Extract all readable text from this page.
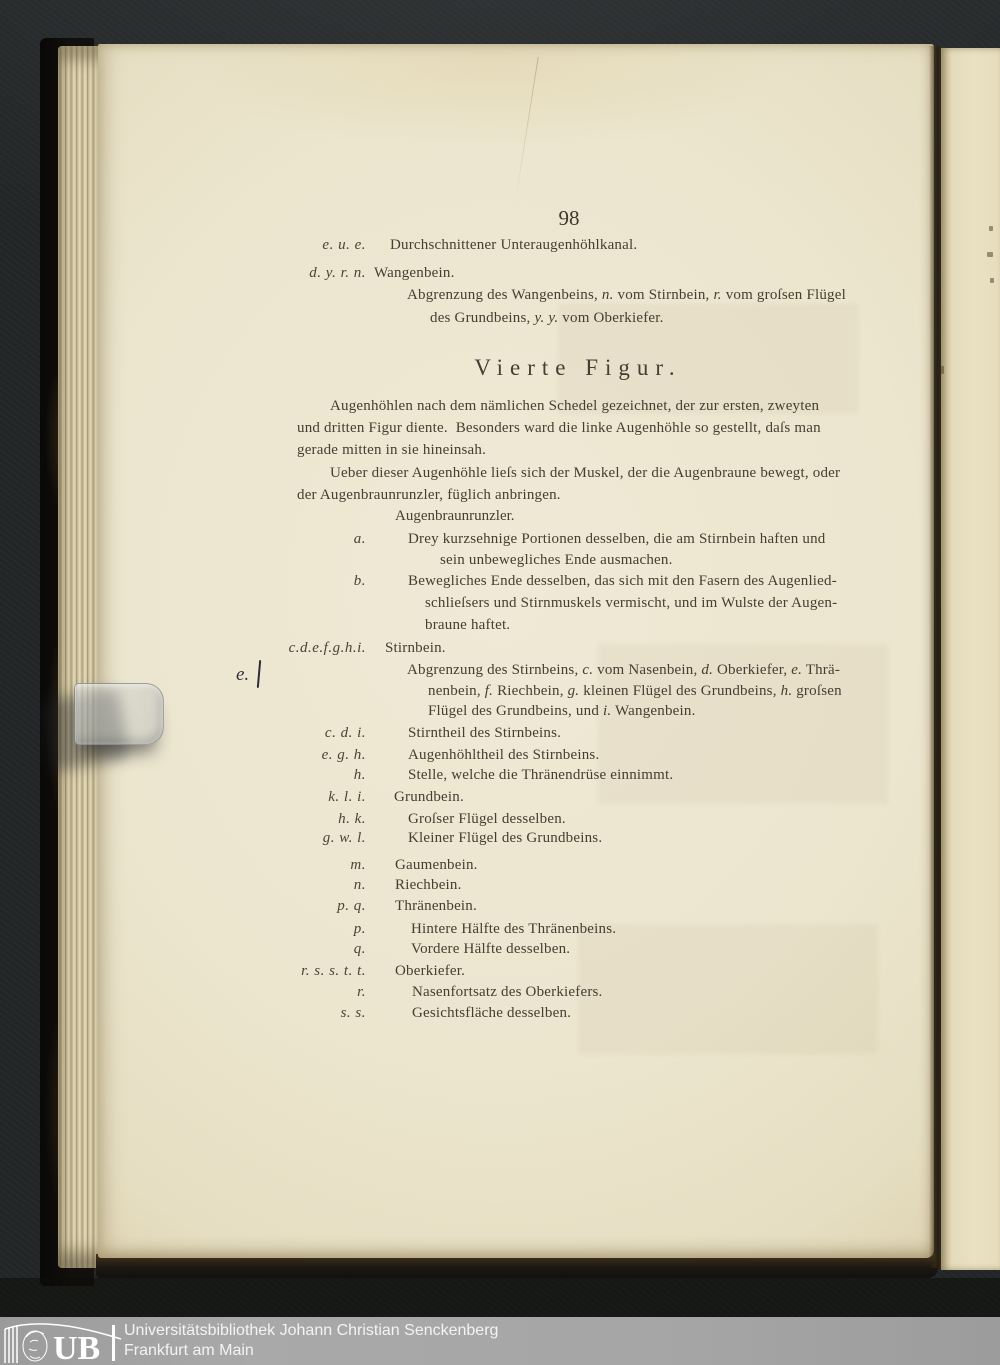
98
e. u. e. Durchschnittener Unteraugenhöhlkanal.
d. y. r. n. Wangenbein.
Abgrenzung des Wangenbeins, n. vom Stirnbein, r. vom groſsen Flügel
des Grundbeins, y. y. vom Oberkiefer.
Vierte Figur.
Augenhöhlen nach dem nämlichen Schedel gezeichnet, der zur ersten, zweyten
und dritten Figur diente.  Besonders ward die linke Augenhöhle so gestellt, daſs man
gerade mitten in sie hineinsah.
Ueber dieser Augenhöhle lieſs sich der Muskel, der die Augenbraune bewegt, oder
der Augenbraunrunzler, füglich anbringen.
Augenbraunrunzler.
a.	Drey kurzsehnige Portionen desselben, die am Stirnbein haften und
sein unbewegliches Ende ausmachen.
b.	Bewegliches Ende desselben, das sich mit den Fasern des Augenlied-
schlieſsers und Stirnmuskels vermischt, und im Wulste der Augen-
braune haftet.
c.d.e.f.g.h.i. Stirnbein.
Abgrenzung des Stirnbeins, c. vom Nasenbein, d. Oberkiefer, e. Thrä-
nenbein, f. Riechbein, g. kleinen Flügel des Grundbeins, h. groſsen
Flügel des Grundbeins, und i. Wangenbein.
c. d. i.	Stirntheil des Stirnbeins.
e. g. h.	Augenhöhltheil des Stirnbeins.
h.	Stelle, welche die Thränendrüse einnimmt.
k. l. i. Grundbein.
h. k.	Groſser Flügel desselben.
g. w. l.	Kleiner Flügel des Grundbeins.
m. Gaumenbein.
n. Riechbein.
p. q. Thränenbein.
p.	Hintere Hälfte des Thränenbeins.
q.	Vordere Hälfte desselben.
r. s. s. t. t. Oberkiefer.
r.	Nasenfortsatz des Oberkiefers.
s. s.	Gesichtsfläche desselben.
e.
UB Universitätsbibliothek Johann Christian Senckenberg
Frankfurt am Main
